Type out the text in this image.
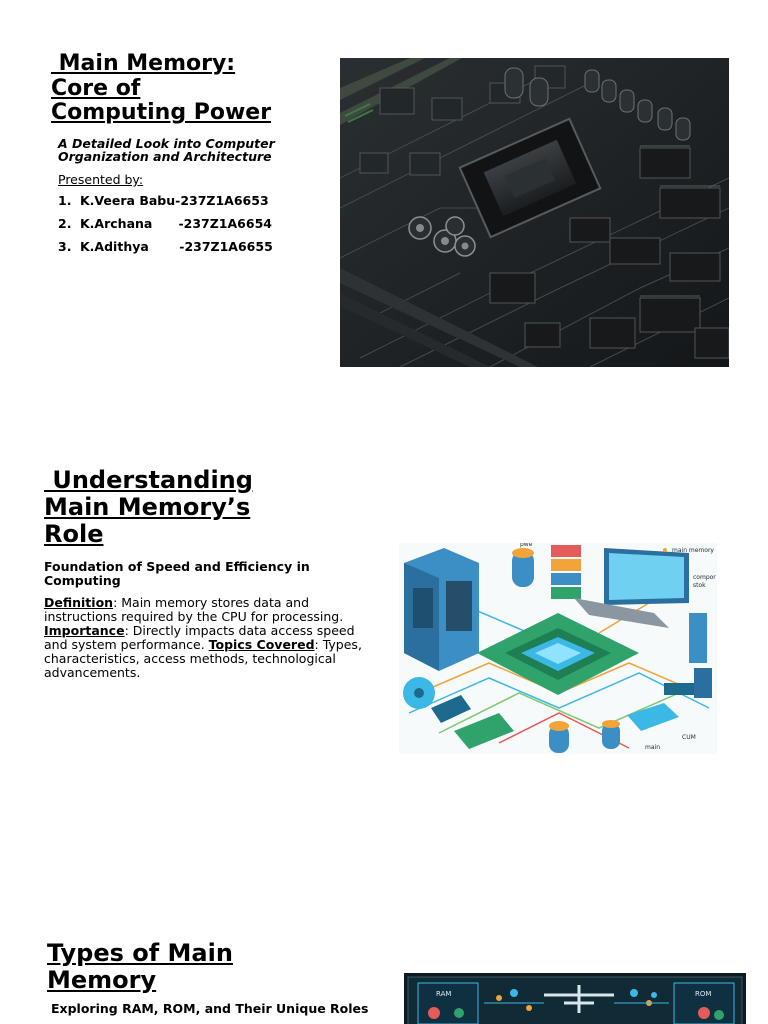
Main Memory:
Core of
Computing Power
A Detailed Look into Computer
Organization and Architecture
Presented by:
1. K.Veera Babu-237Z1A6653
2. K.Archana      -237Z1A6654
3. K.Adithya       -237Z1A6655
Understanding
Main Memory’s
Role
Foundation of Speed and Efficiency in Computing
Definition: Main memory stores data and instructions required by the CPU for processing. Importance: Directly impacts data access speed and system performance. Topics Covered: Types, characteristics, access methods, technological advancements.
pwe
main memory
compor
stok
main
CUM
Types of Main
Memory
Exploring RAM, ROM, and Their Unique Roles
RAM	ROM
